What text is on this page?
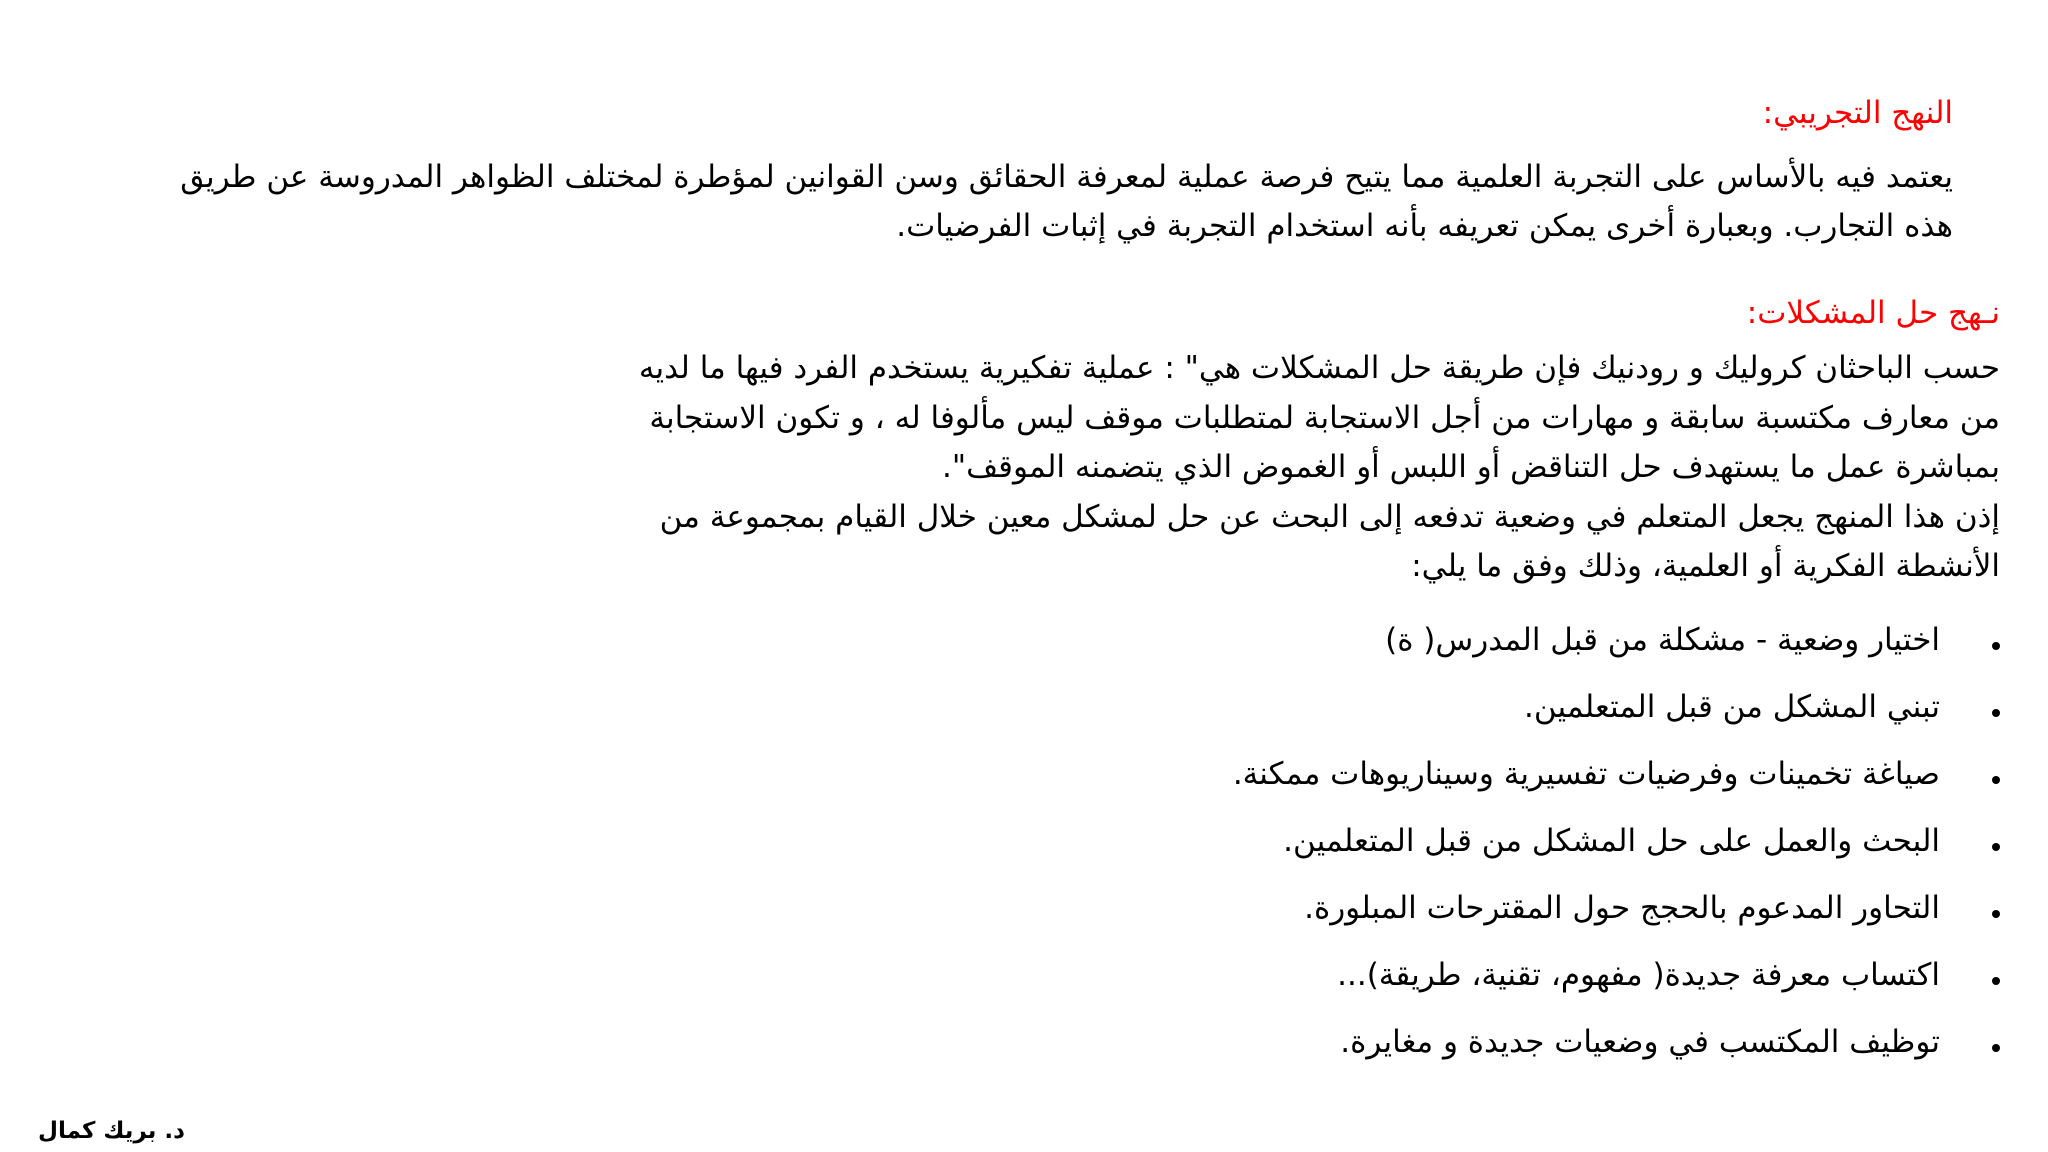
النهج التجريبي:
يعتمد فيه بالأساس على التجربة العلمية مما يتيح فرصة عملية لمعرفة الحقائق وسن القوانين لمؤطرة لمختلف الظواهر المدروسة عن طريق
هذه التجارب. وبعبارة أخرى يمكن تعريفه بأنه استخدام التجربة في إثبات الفرضيات.
نـهج حل المشكلات:
حسب الباحثان كروليك و رودنيك فإن طريقة حل المشكلات هي" : عملية تفكيرية يستخدم الفرد فيها ما لديه
من معارف مكتسبة سابقة و مهارات من أجل الاستجابة لمتطلبات موقف ليس مألوفا له ، و تكون الاستجابة
بمباشرة عمل ما يستهدف حل التناقض أو اللبس أو الغموض الذي يتضمنه الموقف".
إذن هذا المنهج يجعل المتعلم في وضعية تدفعه إلى البحث عن حل لمشكل معين خلال القيام بمجموعة من
الأنشطة الفكرية أو العلمية، وذلك وفق ما يلي:
اختيار وضعية - مشكلة من قبل المدرس( ة)
تبني المشكل من قبل المتعلمين.
صياغة تخمينات وفرضيات تفسيرية وسيناريوهات ممكنة.
البحث والعمل على حل المشكل من قبل المتعلمين.
التحاور المدعوم بالحجج حول المقترحات المبلورة.
اكتساب معرفة جديدة( مفهوم، تقنية، طريقة)...
توظيف المكتسب في وضعيات جديدة و مغايرة.
د. بريك كمال
